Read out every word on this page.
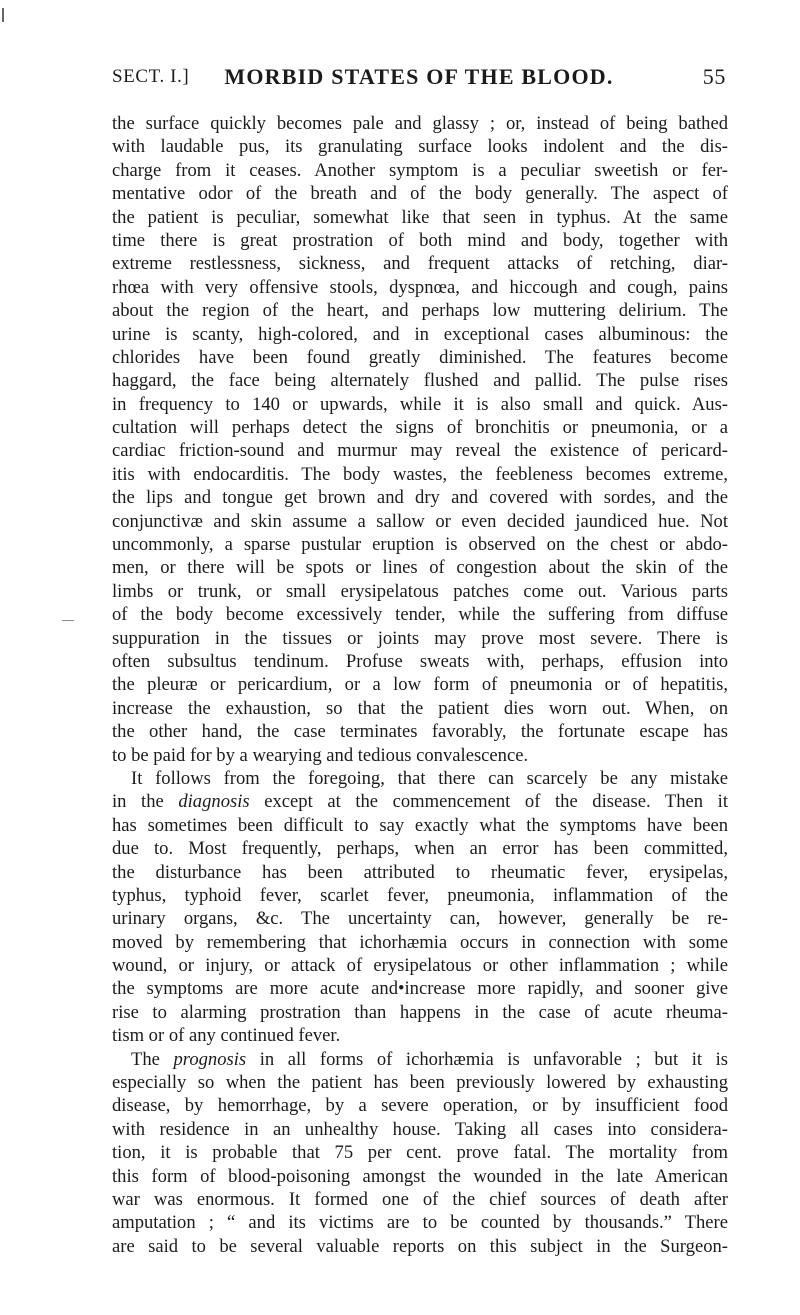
SECT. I.]	MORBID STATES OF THE BLOOD.	55
the surface quickly becomes pale and glassy ; or, instead of being bathed
with laudable pus, its granulating surface looks indolent and the dis-
charge from it ceases. Another symptom is a peculiar sweetish or fer-
mentative odor of the breath and of the body generally. The aspect of
the patient is peculiar, somewhat like that seen in typhus. At the same
time there is great prostration of both mind and body, together with
extreme restlessness, sickness, and frequent attacks of retching, diar-
rhœa with very offensive stools, dyspnœa, and hiccough and cough, pains
about the region of the heart, and perhaps low muttering delirium. The
urine is scanty, high-colored, and in exceptional cases albuminous: the
chlorides have been found greatly diminished. The features become
haggard, the face being alternately flushed and pallid. The pulse rises
in frequency to 140 or upwards, while it is also small and quick. Aus-
cultation will perhaps detect the signs of bronchitis or pneumonia, or a
cardiac friction-sound and murmur may reveal the existence of pericard-
itis with endocarditis. The body wastes, the feebleness becomes extreme,
the lips and tongue get brown and dry and covered with sordes, and the
conjunctivæ and skin assume a sallow or even decided jaundiced hue. Not
uncommonly, a sparse pustular eruption is observed on the chest or abdo-
men, or there will be spots or lines of congestion about the skin of the
limbs or trunk, or small erysipelatous patches come out. Various parts
of the body become excessively tender, while the suffering from diffuse
suppuration in the tissues or joints may prove most severe. There is
often subsultus tendinum. Profuse sweats with, perhaps, effusion into
the pleuræ or pericardium, or a low form of pneumonia or of hepatitis,
increase the exhaustion, so that the patient dies worn out. When, on
the other hand, the case terminates favorably, the fortunate escape has
to be paid for by a wearying and tedious convalescence.
It follows from the foregoing, that there can scarcely be any mistake
in the diagnosis except at the commencement of the disease. Then it
has sometimes been difficult to say exactly what the symptoms have been
due to. Most frequently, perhaps, when an error has been committed,
the disturbance has been attributed to rheumatic fever, erysipelas,
typhus, typhoid fever, scarlet fever, pneumonia, inflammation of the
urinary organs, &c. The uncertainty can, however, generally be re-
moved by remembering that ichorhæmia occurs in connection with some
wound, or injury, or attack of erysipelatous or other inflammation ; while
the symptoms are more acute and•increase more rapidly, and sooner give
rise to alarming prostration than happens in the case of acute rheuma-
tism or of any continued fever.
The prognosis in all forms of ichorhæmia is unfavorable ; but it is
especially so when the patient has been previously lowered by exhausting
disease, by hemorrhage, by a severe operation, or by insufficient food
with residence in an unhealthy house. Taking all cases into considera-
tion, it is probable that 75 per cent. prove fatal. The mortality from
this form of blood-poisoning amongst the wounded in the late American
war was enormous. It formed one of the chief sources of death after
amputation ; “ and its victims are to be counted by thousands.” There
are said to be several valuable reports on this subject in the Surgeon-
